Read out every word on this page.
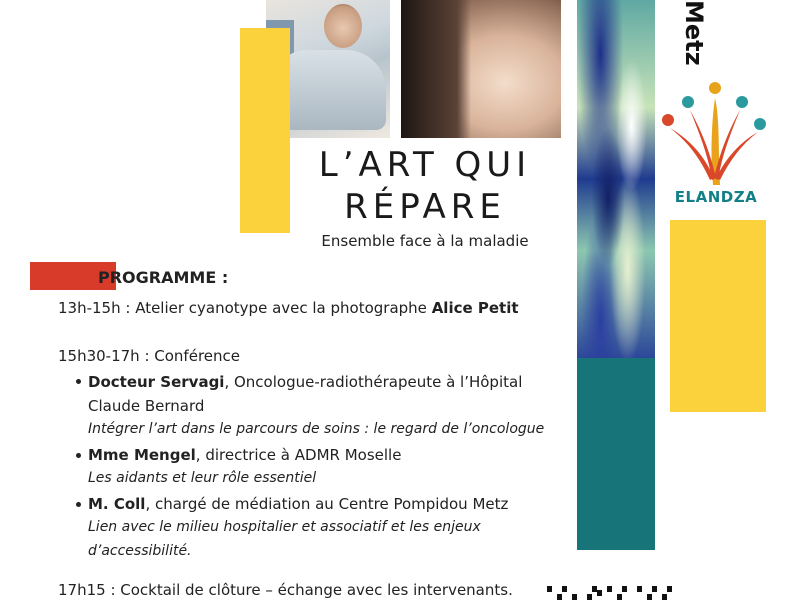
Metz
ELANDZA
L’ART QUI
RÉPARE
Ensemble face à la maladie
PROGRAMME :
13h-15h : Atelier cyanotype avec la photographe Alice Petit
15h30-17h : Conférence
Docteur Servagi, Oncologue-radiothérapeute à l’Hôpital
Claude Bernard
Intégrer l’art dans le parcours de soins : le regard de l’oncologue
Mme Mengel, directrice à ADMR Moselle
Les aidants et leur rôle essentiel
M. Coll, chargé de médiation au Centre Pompidou Metz
Lien avec le milieu hospitalier et associatif et les enjeux
d’accessibilité.
17h15 : Cocktail de clôture – échange avec les intervenants.
